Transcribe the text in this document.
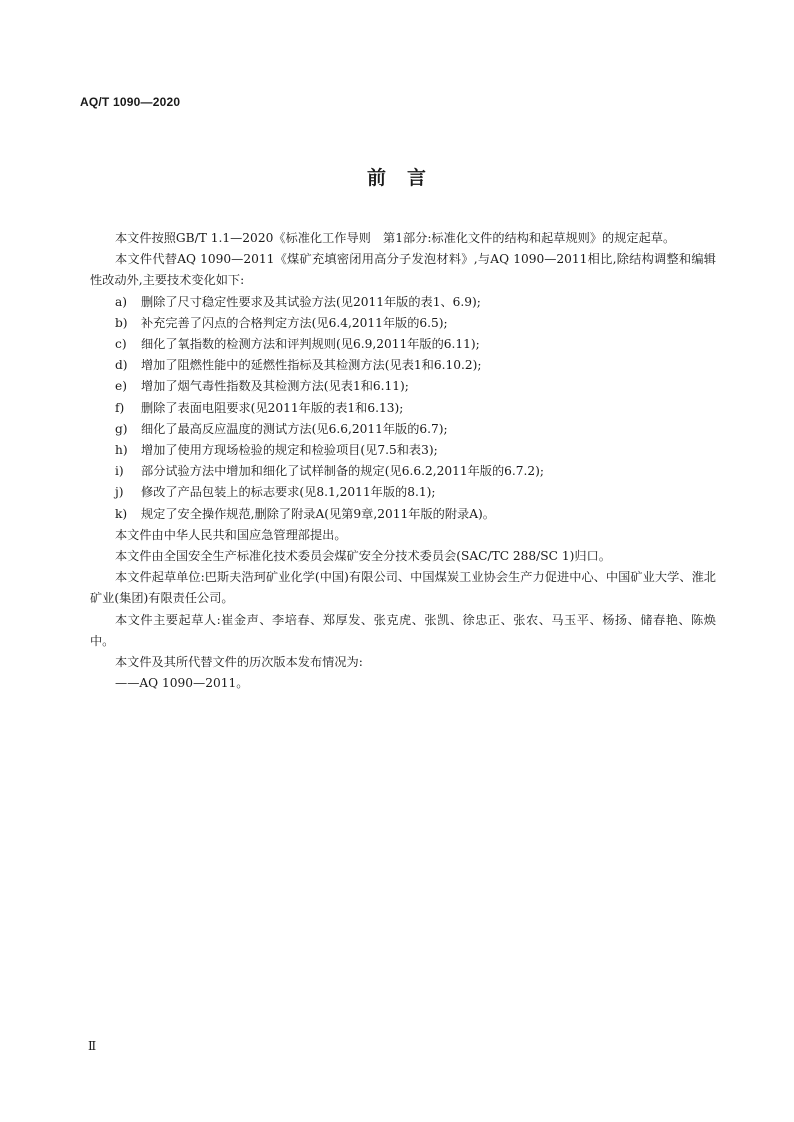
AQ/T 1090—2020
前　言

本文件按照GB/T 1.1—2020《标准化工作导则　第1部分:标准化文件的结构和起草规则》的规定起草。

本文件代替AQ 1090—2011《煤矿充填密闭用高分子发泡材料》,与AQ 1090—2011相比,除结构调整和编辑性改动外,主要技术变化如下:

a) 删除了尺寸稳定性要求及其试验方法(见2011年版的表1、6.9);

b) 补充完善了闪点的合格判定方法(见6.4,2011年版的6.5);

c) 细化了氧指数的检测方法和评判规则(见6.9,2011年版的6.11);

d) 增加了阻燃性能中的延燃性指标及其检测方法(见表1和6.10.2);

e) 增加了烟气毒性指数及其检测方法(见表1和6.11);

f) 删除了表面电阻要求(见2011年版的表1和6.13);

g) 细化了最高反应温度的测试方法(见6.6,2011年版的6.7);

h) 增加了使用方现场检验的规定和检验项目(见7.5和表3);

i) 部分试验方法中增加和细化了试样制备的规定(见6.6.2,2011年版的6.7.2);

j) 修改了产品包装上的标志要求(见8.1,2011年版的8.1);

k) 规定了安全操作规范,删除了附录A(见第9章,2011年版的附录A)。

本文件由中华人民共和国应急管理部提出。

本文件由全国安全生产标准化技术委员会煤矿安全分技术委员会(SAC/TC 288/SC 1)归口。

本文件起草单位:巴斯夫浩珂矿业化学(中国)有限公司、中国煤炭工业协会生产力促进中心、中国矿业大学、淮北矿业(集团)有限责任公司。

本文件主要起草人:崔金声、李培春、郑厚发、张克虎、张凯、徐忠正、张农、马玉平、杨扬、储春艳、陈焕中。

本文件及其所代替文件的历次版本发布情况为:

——AQ 1090—2011。

Ⅱ
